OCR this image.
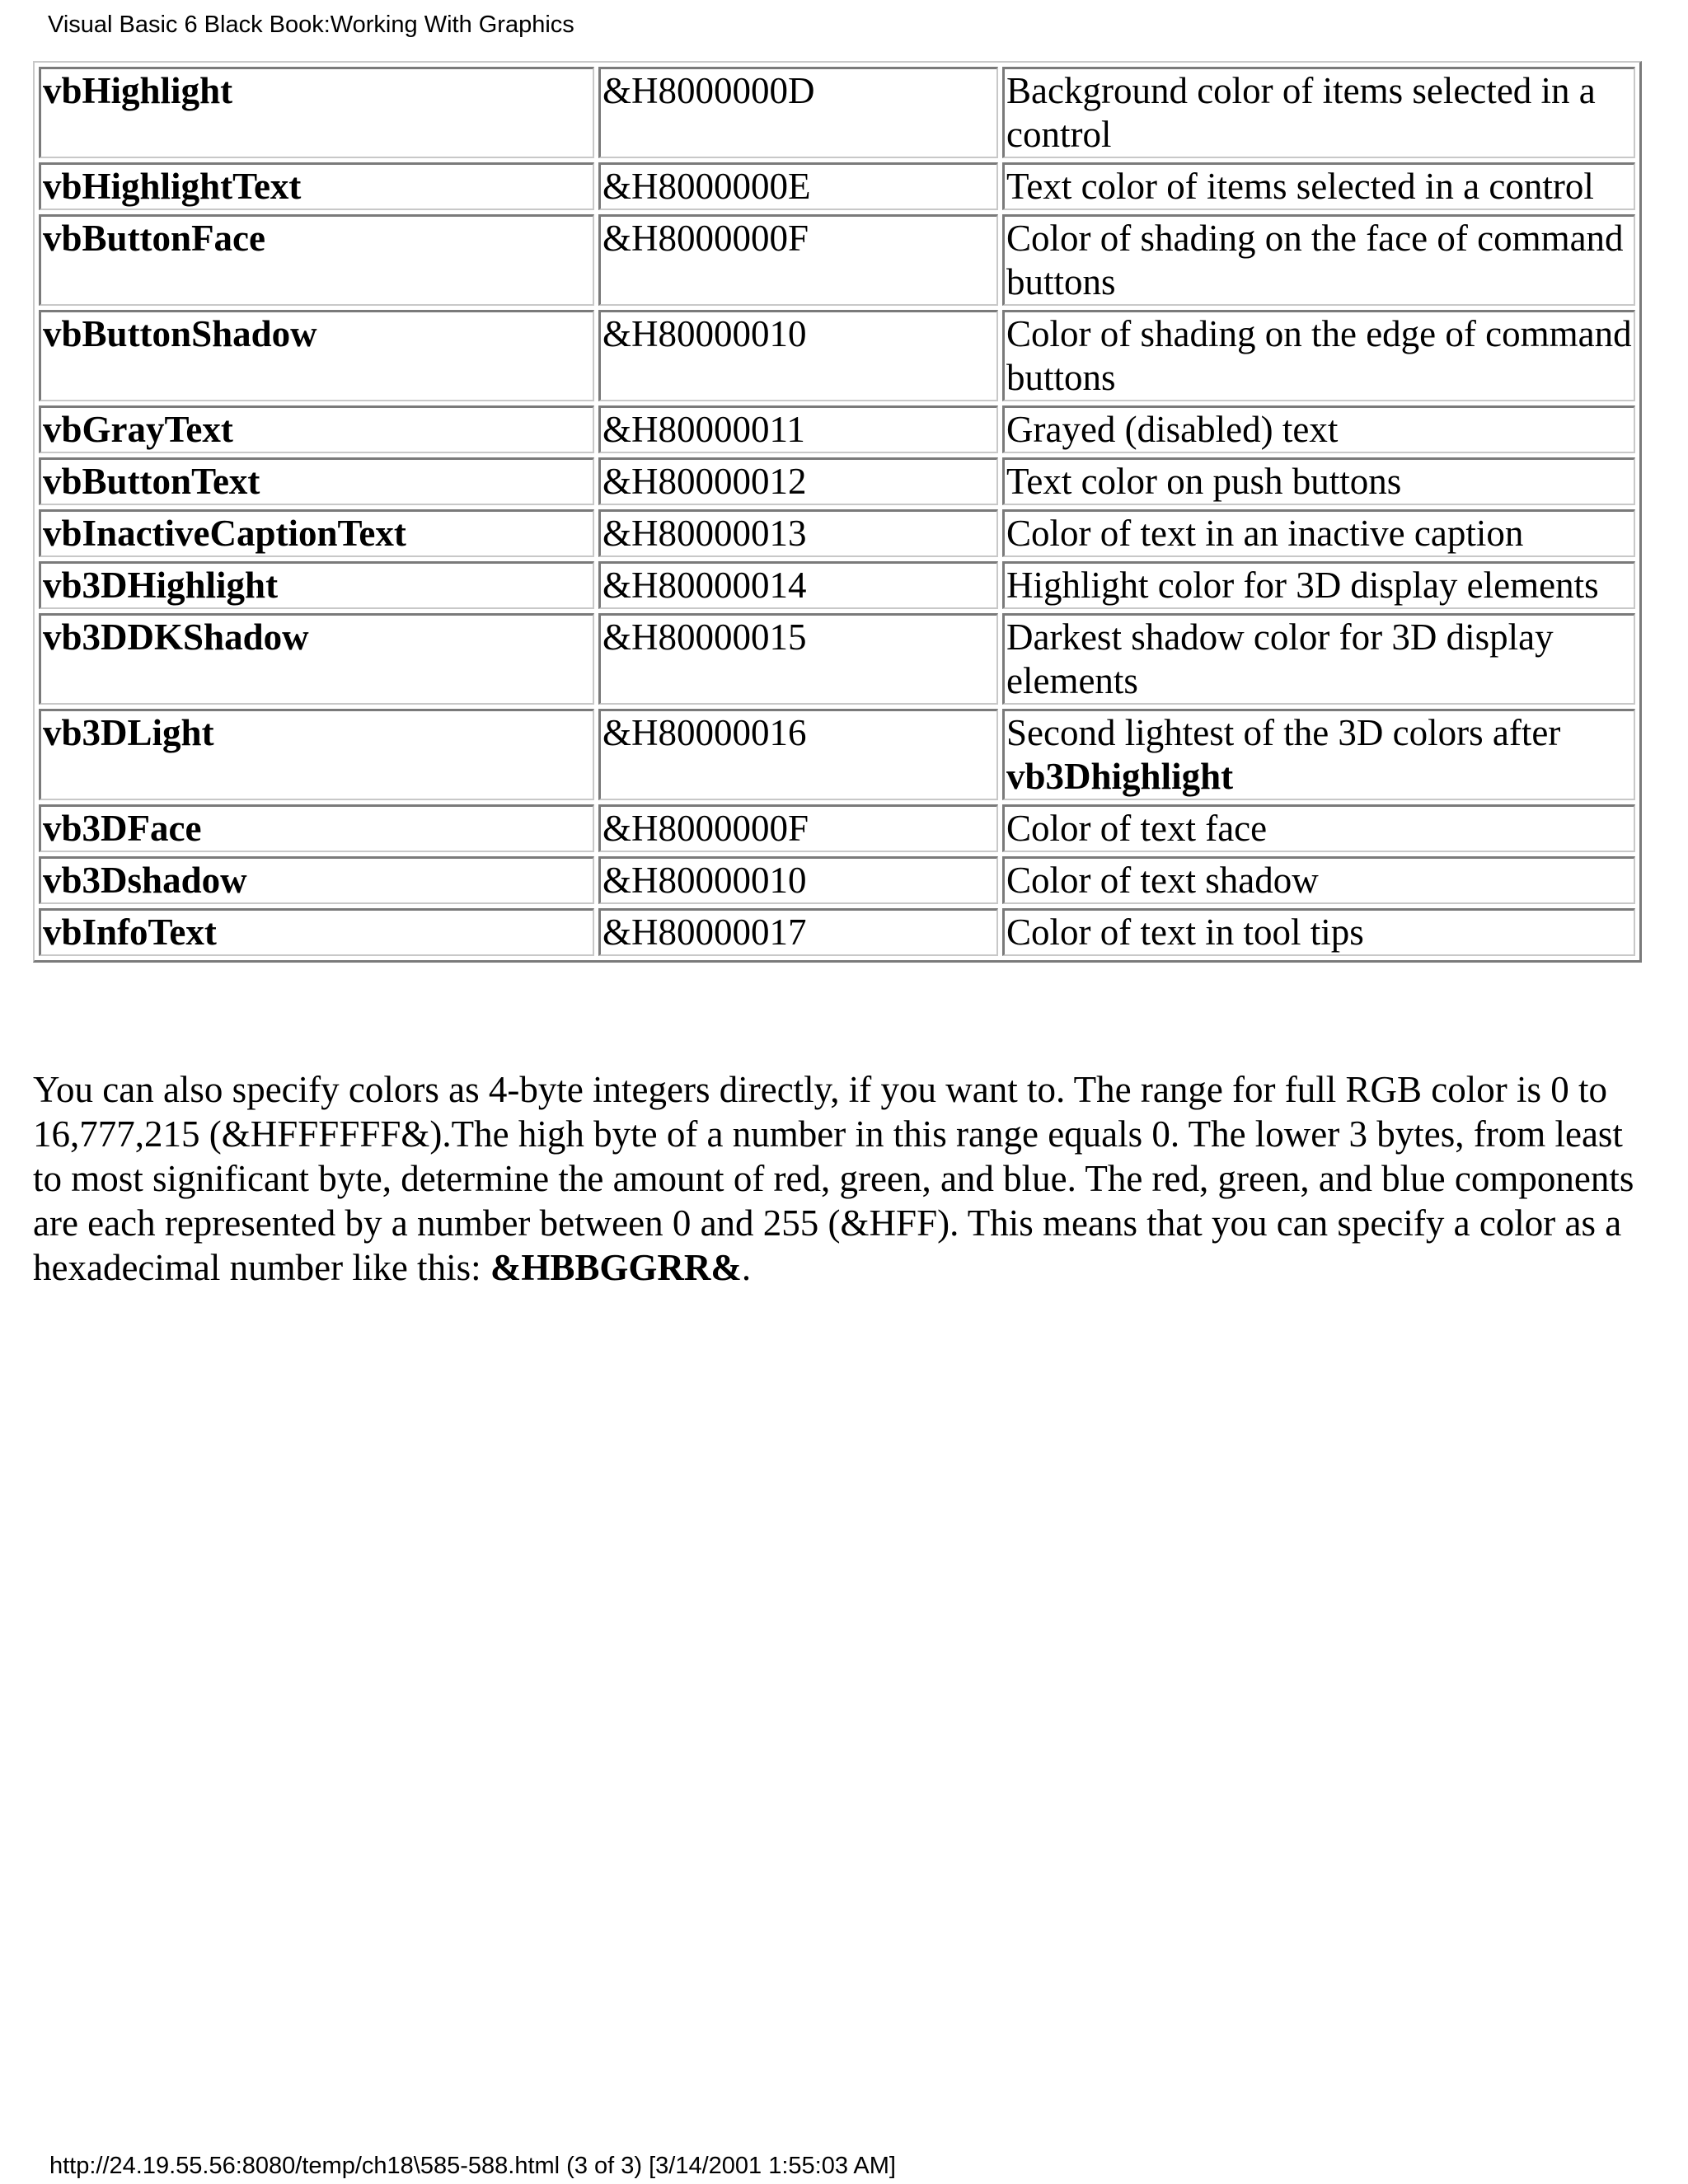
Visual Basic 6 Black Book:Working With Graphics
vbHighlight	&H8000000D	Background color of items selected in a control
vbHighlightText	&H8000000E	Text color of items selected in a control
vbButtonFace	&H8000000F	Color of shading on the face of command buttons
vbButtonShadow	&H80000010	Color of shading on the edge of command buttons
vbGrayText	&H80000011	Grayed (disabled) text
vbButtonText	&H80000012	Text color on push buttons
vbInactiveCaptionText	&H80000013	Color of text in an inactive caption
vb3DHighlight	&H80000014	Highlight color for 3D display elements
vb3DDKShadow	&H80000015	Darkest shadow color for 3D display elements
vb3DLight	&H80000016	Second lightest of the 3D colors after vb3Dhighlight
vb3DFace	&H8000000F	Color of text face
vb3Dshadow	&H80000010	Color of text shadow
vbInfoText	&H80000017	Color of text in tool tips

You can also specify colors as 4-byte integers directly, if you want to. The range for full RGB color is 0 to 16,777,215 (&HFFFFFF&).The high byte of a number in this range equals 0. The lower 3 bytes, from least to most significant byte, determine the amount of red, green, and blue. The red, green, and blue components are each represented by a number between 0 and 255 (&HFF). This means that you can specify a color as a hexadecimal number like this: &HBBGGRR&.

http://24.19.55.56:8080/temp/ch18\585-588.html (3 of 3) [3/14/2001 1:55:03 AM]
